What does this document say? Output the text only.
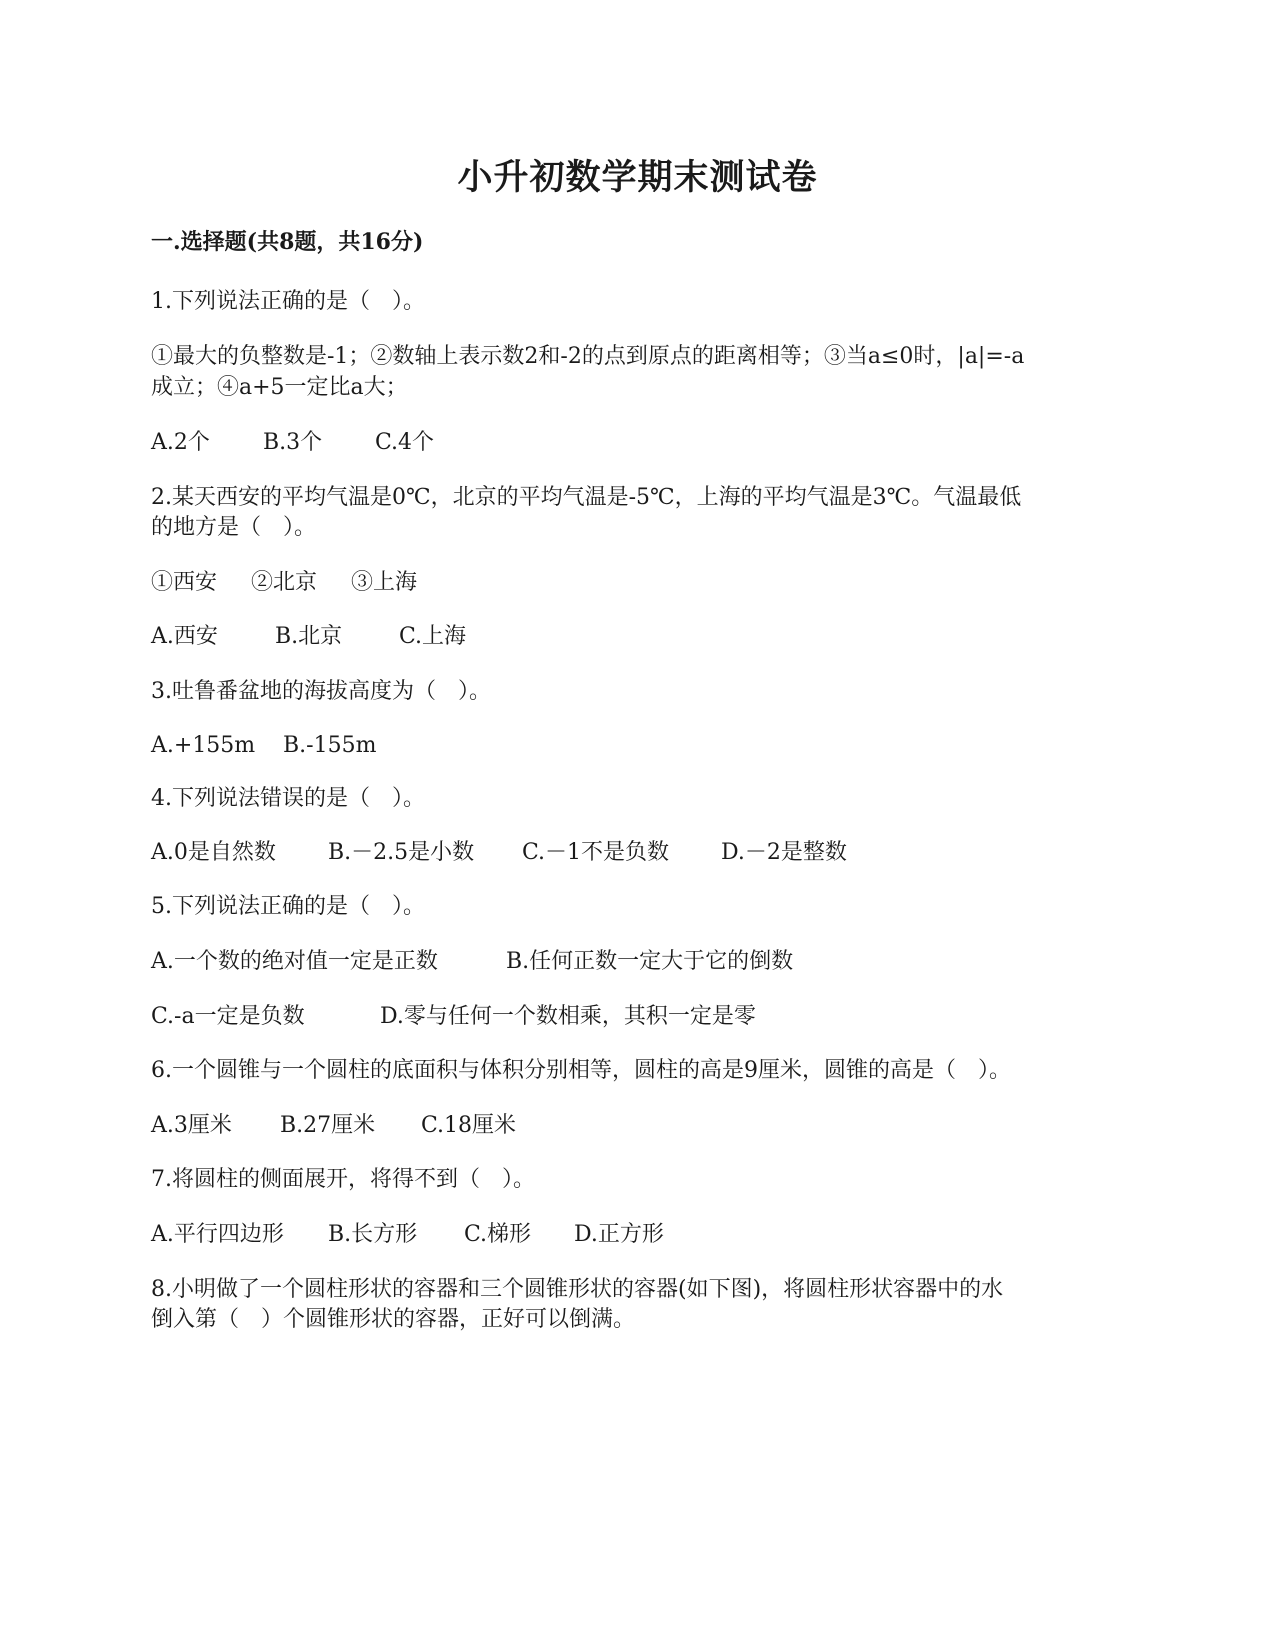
小升初数学期末测试卷
一.选择题(共8题，共16分)
1.下列说法正确的是（　）。
①最大的负整数是-1；②数轴上表示数2和-2的点到原点的距离相等；③当a≤0时，|a|=-a
成立；④a+5一定比a大；
A.2个 B.3个 C.4个
2.某天西安的平均气温是0℃，北京的平均气温是-5℃，上海的平均气温是3℃。气温最低
的地方是（　）。
①西安 ②北京 ③上海
A.西安	B.北京	C.上海
3.吐鲁番盆地的海拔高度为（　）。
A.+155m B.-155m
4.下列说法错误的是（　）。
A.0是自然数 B.－2.5是小数 C.－1不是负数 D.－2是整数
5.下列说法正确的是（　）。
A.一个数的绝对值一定是正数	B.任何正数一定大于它的倒数
C.-a一定是负数	D.零与任何一个数相乘，其积一定是零
6.一个圆锥与一个圆柱的底面积与体积分别相等，圆柱的高是9厘米，圆锥的高是（　）。
A.3厘米 B.27厘米 C.18厘米
7.将圆柱的侧面展开，将得不到（　）。
A.平行四边形 B.长方形 C.梯形 D.正方形
8.小明做了一个圆柱形状的容器和三个圆锥形状的容器(如下图)，将圆柱形状容器中的水
倒入第（　）个圆锥形状的容器，正好可以倒满。
